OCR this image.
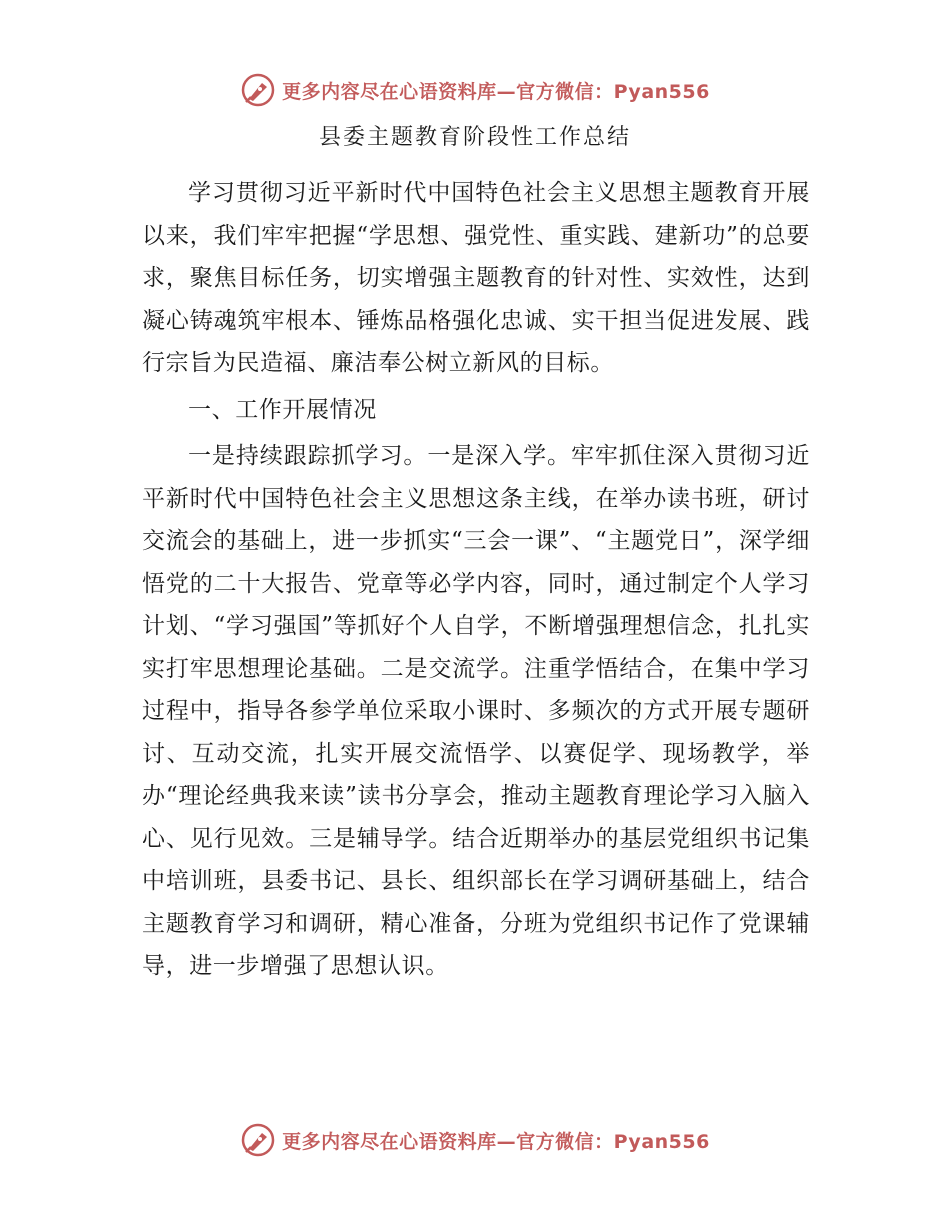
更多内容尽在心语资料库—官方微信：Pyan556
县委主题教育阶段性工作总结

学习贯彻习近平新时代中国特色社会主义思想主题教育开展以来，我们牢牢把握“学思想、强党性、重实践、建新功”的总要求，聚焦目标任务，切实增强主题教育的针对性、实效性，达到凝心铸魂筑牢根本、锤炼品格强化忠诚、实干担当促进发展、践行宗旨为民造福、廉洁奉公树立新风的目标。

一、工作开展情况

一是持续跟踪抓学习。一是深入学。牢牢抓住深入贯彻习近平新时代中国特色社会主义思想这条主线，在举办读书班，研讨交流会的基础上，进一步抓实“三会一课”、“主题党日”，深学细悟党的二十大报告、党章等必学内容，同时，通过制定个人学习计划、“学习强国”等抓好个人自学，不断增强理想信念，扎扎实实打牢思想理论基础。二是交流学。注重学悟结合，在集中学习过程中，指导各参学单位采取小课时、多频次的方式开展专题研讨、互动交流，扎实开展交流悟学、以赛促学、现场教学，举办“理论经典我来读”读书分享会，推动主题教育理论学习入脑入心、见行见效。三是辅导学。结合近期举办的基层党组织书记集中培训班，县委书记、县长、组织部长在学习调研基础上，结合主题教育学习和调研，精心准备，分班为党组织书记作了党课辅导，进一步增强了思想认识。

更多内容尽在心语资料库—官方微信：Pyan556
